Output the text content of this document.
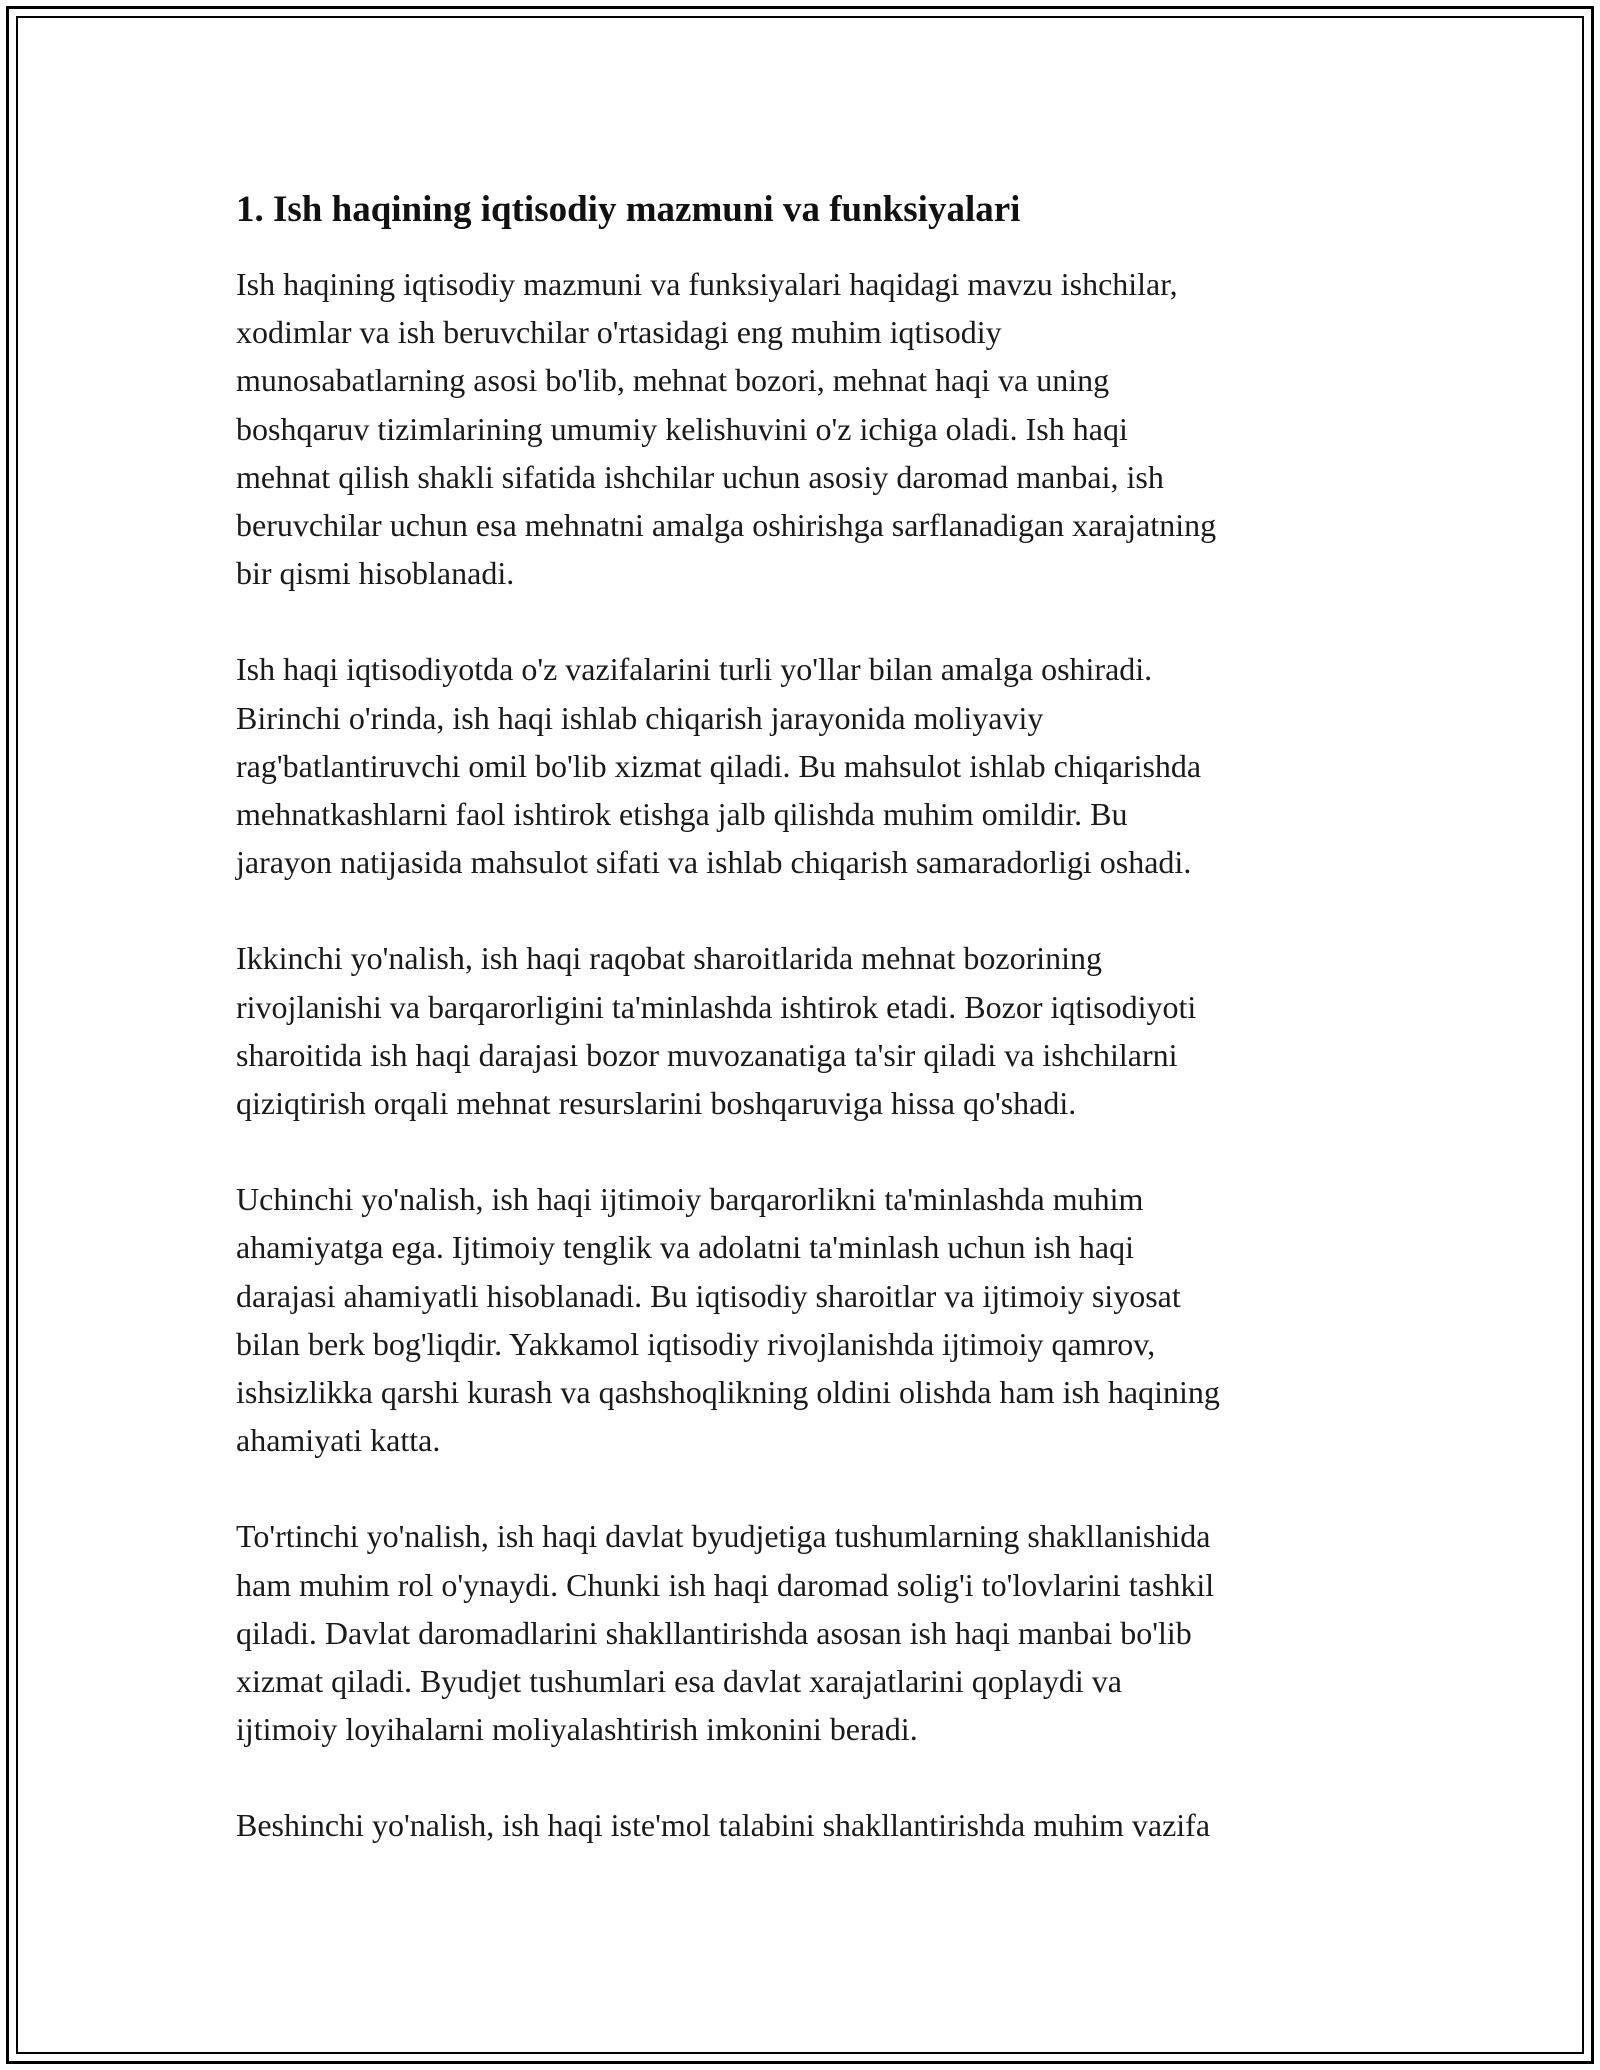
1. Ish haqining iqtisodiy mazmuni va funksiyalari

Ish haqining iqtisodiy mazmuni va funksiyalari haqidagi mavzu ishchilar,
xodimlar va ish beruvchilar o'rtasidagi eng muhim iqtisodiy
munosabatlarning asosi bo'lib, mehnat bozori, mehnat haqi va uning
boshqaruv tizimlarining umumiy kelishuvini o'z ichiga oladi. Ish haqi
mehnat qilish shakli sifatida ishchilar uchun asosiy daromad manbai, ish
beruvchilar uchun esa mehnatni amalga oshirishga sarflanadigan xarajatning
bir qismi hisoblanadi.

Ish haqi iqtisodiyotda o'z vazifalarini turli yo'llar bilan amalga oshiradi.
Birinchi o'rinda, ish haqi ishlab chiqarish jarayonida moliyaviy
rag'batlantiruvchi omil bo'lib xizmat qiladi. Bu mahsulot ishlab chiqarishda
mehnatkashlarni faol ishtirok etishga jalb qilishda muhim omildir. Bu
jarayon natijasida mahsulot sifati va ishlab chiqarish samaradorligi oshadi.

Ikkinchi yo'nalish, ish haqi raqobat sharoitlarida mehnat bozorining
rivojlanishi va barqarorligini ta'minlashda ishtirok etadi. Bozor iqtisodiyoti
sharoitida ish haqi darajasi bozor muvozanatiga ta'sir qiladi va ishchilarni
qiziqtirish orqali mehnat resurslarini boshqaruviga hissa qo'shadi.

Uchinchi yo'nalish, ish haqi ijtimoiy barqarorlikni ta'minlashda muhim
ahamiyatga ega. Ijtimoiy tenglik va adolatni ta'minlash uchun ish haqi
darajasi ahamiyatli hisoblanadi. Bu iqtisodiy sharoitlar va ijtimoiy siyosat
bilan berk bog'liqdir. Yakkamol iqtisodiy rivojlanishda ijtimoiy qamrov,
ishsizlikka qarshi kurash va qashshoqlikning oldini olishda ham ish haqining
ahamiyati katta.

To'rtinchi yo'nalish, ish haqi davlat byudjetiga tushumlarning shakllanishida
ham muhim rol o'ynaydi. Chunki ish haqi daromad solig'i to'lovlarini tashkil
qiladi. Davlat daromadlarini shakllantirishda asosan ish haqi manbai bo'lib
xizmat qiladi. Byudjet tushumlari esa davlat xarajatlarini qoplaydi va
ijtimoiy loyihalarni moliyalashtirish imkonini beradi.

Beshinchi yo'nalish, ish haqi iste'mol talabini shakllantirishda muhim vazifa
